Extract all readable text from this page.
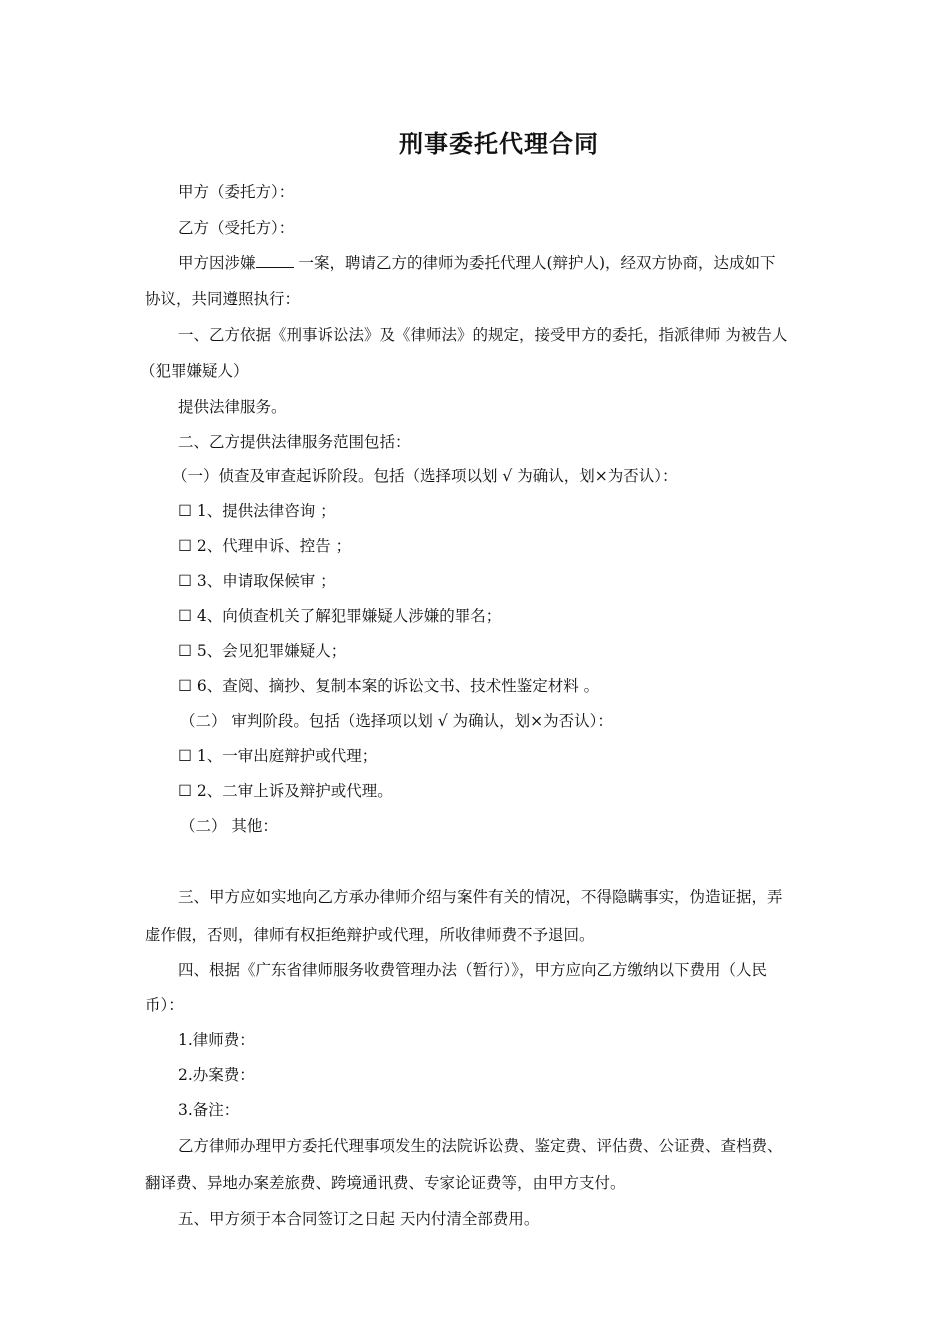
刑事委托代理合同

甲方（委托方）：

乙方（受托方）：

甲方因涉嫌	一案，聘请乙方的律师为委托代理人(辩护人)，经双方协商，达成如下

协议，共同遵照执行：

一、乙方依据《刑事诉讼法》及《律师法》的规定，接受甲方的委托，指派律师 为被告人

（犯罪嫌疑人）

提供法律服务。

二、乙方提供法律服务范围包括：

（一）侦查及审查起诉阶段。包括（选择项以划 √ 为确认，划×为否认）：

☐ 1、提供法律咨询 ；

☐ 2、代理申诉、控告 ；

☐ 3、申请取保候审 ；

☐ 4、向侦查机关了解犯罪嫌疑人涉嫌的罪名；

☐ 5、会见犯罪嫌疑人；

☐ 6、查阅、摘抄、复制本案的诉讼文书、技术性鉴定材料 。

（二） 审判阶段。包括（选择项以划 √ 为确认，划×为否认）：

☐ 1、一审出庭辩护或代理；

☐ 2、二审上诉及辩护或代理。

（二） 其他：

三、甲方应如实地向乙方承办律师介绍与案件有关的情况，不得隐瞒事实，伪造证据，弄

虚作假，否则，律师有权拒绝辩护或代理，所收律师费不予退回。

四、根据《广东省律师服务收费管理办法（暂行）》，甲方应向乙方缴纳以下费用（人民

币）：

1.律师费：

2.办案费：

3.备注：

乙方律师办理甲方委托代理事项发生的法院诉讼费、鉴定费、评估费、公证费、查档费、

翻译费、异地办案差旅费、跨境通讯费、专家论证费等，由甲方支付。

五、甲方须于本合同签订之日起 天内付清全部费用。
